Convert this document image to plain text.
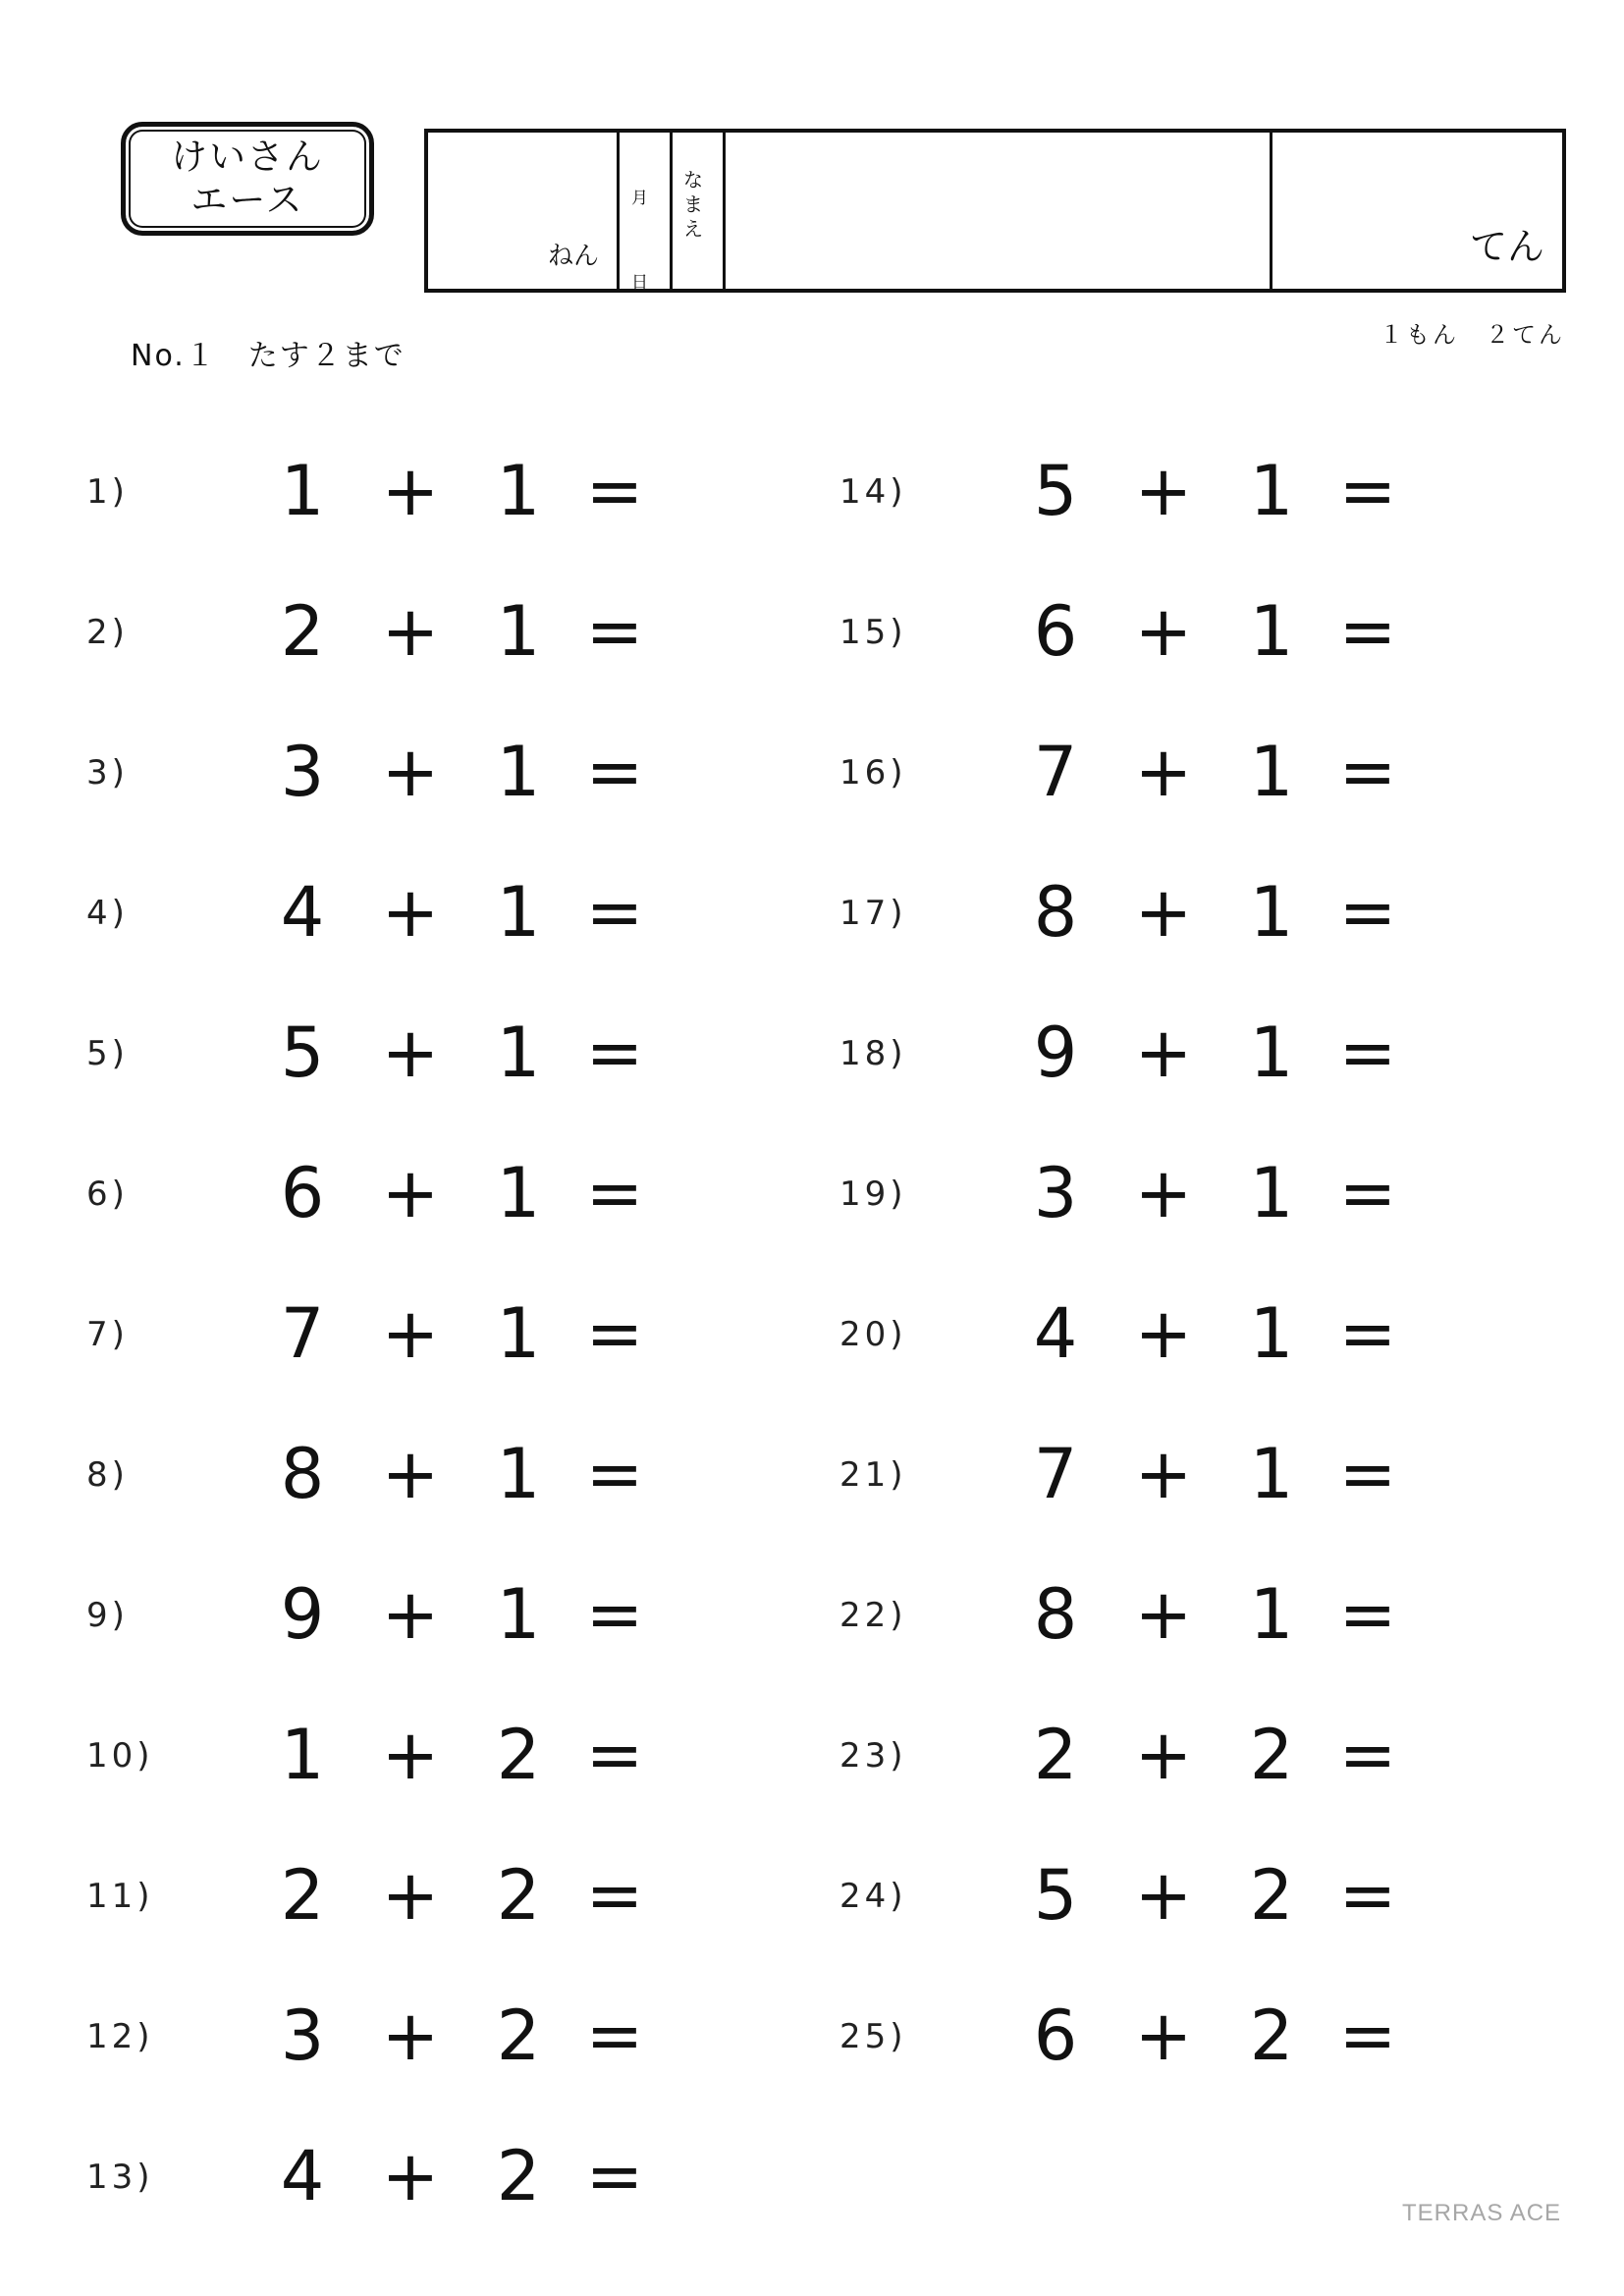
けいさん
エース
ねん
月
日
な
ま
え	てん
No.１　たす２まで
１もん　２てん
1) 1 + 1 =
2) 2 + 1 =
3) 3 + 1 =
4) 4 + 1 =
5) 5 + 1 =
6) 6 + 1 =
7) 7 + 1 =
8) 8 + 1 =
9) 9 + 1 =
10) 1 + 2 =
11) 2 + 2 =
12) 3 + 2 =
13) 4 + 2 =
14) 5 + 1 =
15) 6 + 1 =
16) 7 + 1 =
17) 8 + 1 =
18) 9 + 1 =
19) 3 + 1 =
20) 4 + 1 =
21) 7 + 1 =
22) 8 + 1 =
23) 2 + 2 =
24) 5 + 2 =
25) 6 + 2 =
TERRAS ACE
